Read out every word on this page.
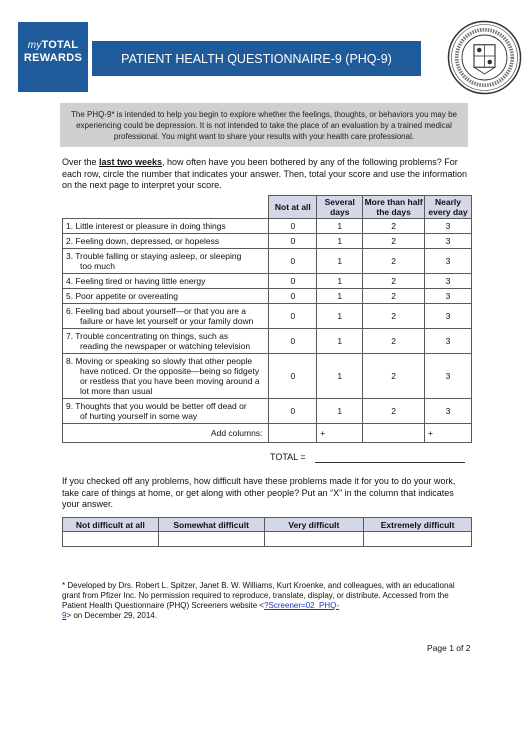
myTOTAL
REWARDS	PATIENT HEALTH QUESTIONNAIRE-9 (PHQ-9)
The PHQ-9* is intended to help you begin to explore whether the feelings, thoughts, or behaviors you may be experiencing could be depression. It is not intended to take the place of an evaluation by a trained medical professional. You might want to share your results with your health care professional.
Over the last two weeks, how often have you been bothered by any of the following problems? For each row, circle the number that indicates your answer. Then, total your score and use the information on the next page to interpret your score.
	Not at all	Several days	More than half the days	Nearly every day

1. Little interest or pleasure in doing things	0	1	2	3

2. Feeling down, depressed, or hopeless	0	1	2	3

3. Trouble falling or staying asleep, or sleeping
too much	0	1	2	3

4. Feeling tired or having little energy	0	1	2	3

5. Poor appetite or overeating	0	1	2	3

6. Feeling bad about yourself—or that you are a
failure or have let yourself or your family down	0	1	2	3

7. Trouble concentrating on things, such as
reading the newspaper or watching television	0	1	2	3

8. Moving or speaking so slowly that other people
have noticed. Or the opposite—being so fidgety or restless that you have been moving around a lot more than usual	0	1	2	3

9. Thoughts that you would be better off dead or
of hurting yourself in some way	0	1	2	3
Add columns:		+		+
TOTAL =
If you checked off any problems, how difficult have these problems made it for you to do your work, take care of things at home, or get along with other people? Put an “X” in the column that indicates your answer.
Not difficult at all	Somewhat difficult	Very difficult	Extremely difficult

* Developed by Drs. Robert L. Spitzer, Janet B. W. Williams, Kurt Kroenke, and colleagues, with an educational grant from Pfizer Inc. No permission required to reproduce, translate, display, or distribute. Accessed from the Patient Health Questionnaire (PHQ) Screeners website <?Screener=02_PHQ-
9> on December 29, 2014.
Page 1 of 2
